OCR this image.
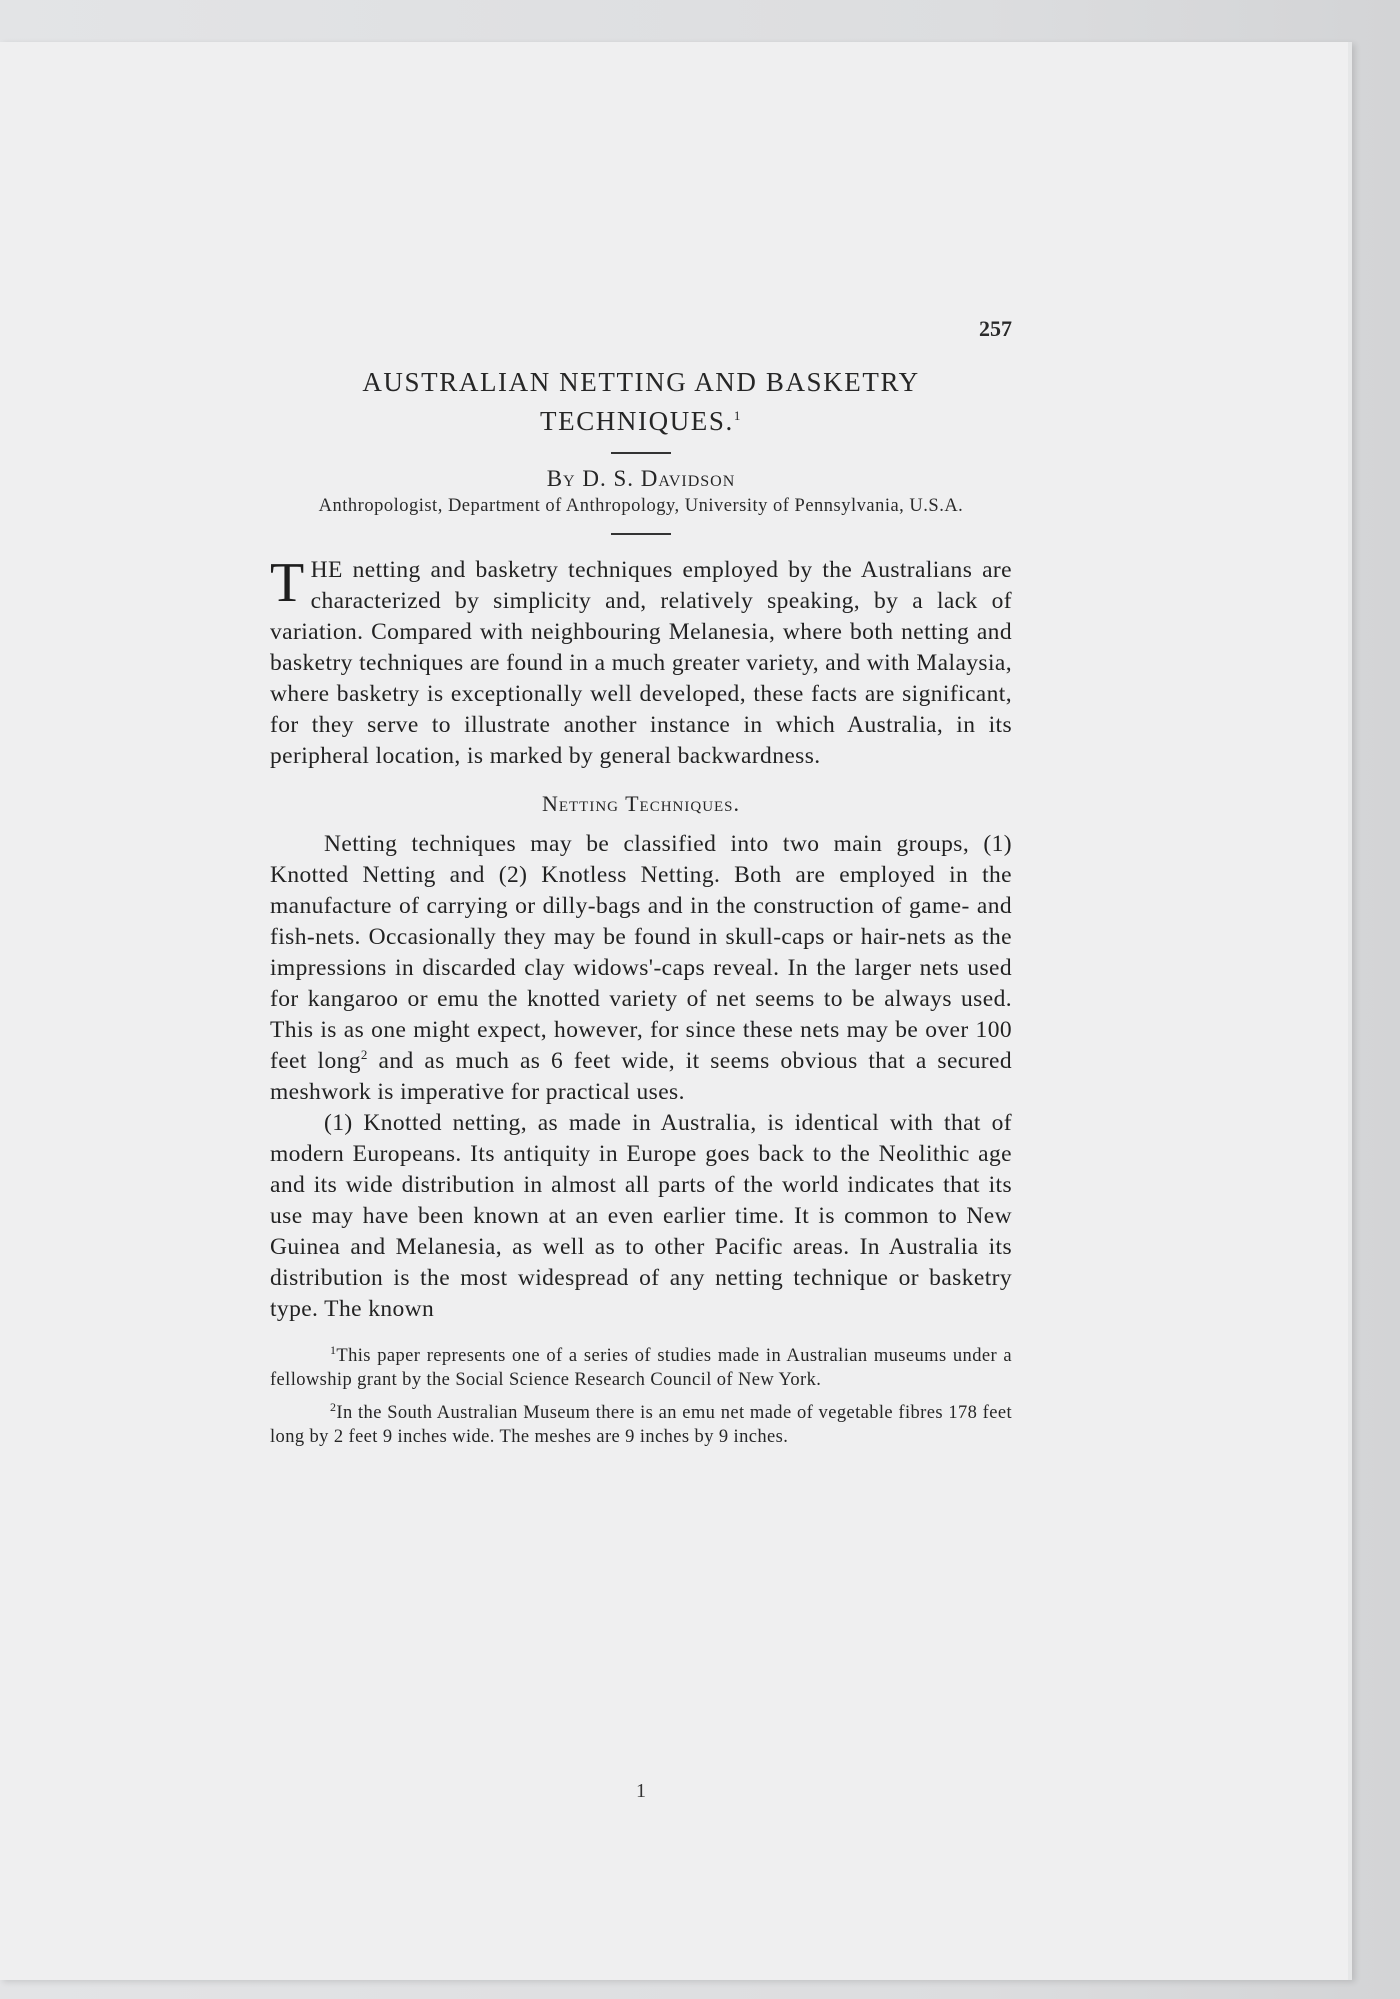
257
AUSTRALIAN NETTING AND BASKETRY TECHNIQUES.$^1$
By D. S. Davidson
Anthropologist, Department of Anthropology, University of Pennsylvania, U.S.A.
THE netting and basketry techniques employed by the Australians are characterized by simplicity and, relatively speaking, by a lack of variation. Compared with neighbouring Melanesia, where both netting and basketry techniques are found in a much greater variety, and with Malaysia, where basketry is exceptionally well developed, these facts are significant, for they serve to illustrate another instance in which Australia, in its peripheral location, is marked by general backwardness.
Netting Techniques.

Netting techniques may be classified into two main groups, (1) Knotted Netting and (2) Knotless Netting. Both are employed in the manufacture of carrying or dilly-bags and in the construction of game- and fish-nets. Occasionally they may be found in skull-caps or hair-nets as the impressions in discarded clay widows'-caps reveal. In the larger nets used for kangaroo or emu the knotted variety of net seems to be always used. This is as one might expect, however, for since these nets may be over 100 feet long$^2$ and as much as 6 feet wide, it seems obvious that a secured meshwork is imperative for practical uses.

(1) Knotted netting, as made in Australia, is identical with that of modern Europeans. Its antiquity in Europe goes back to the Neolithic age and its wide distribution in almost all parts of the world indicates that its use may have been known at an even earlier time. It is common to New Guinea and Melanesia, as well as to other Pacific areas. In Australia its distribution is the most widespread of any netting technique or basketry type. The known

$^1$This paper represents one of a series of studies made in Australian museums under a fellowship grant by the Social Science Research Council of New York.

$^2$In the South Australian Museum there is an emu net made of vegetable fibres 178 feet long by 2 feet 9 inches wide. The meshes are 9 inches by 9 inches.

1
